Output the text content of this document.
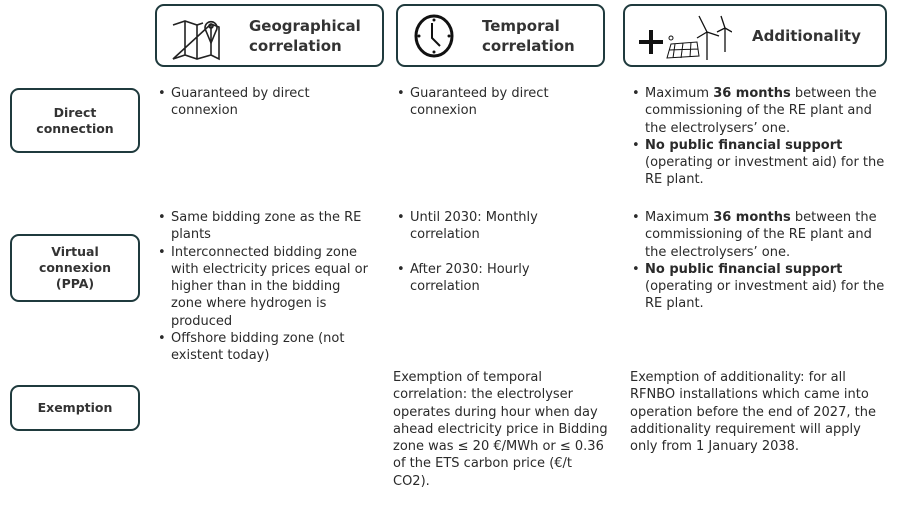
Geographical correlation
Temporal correlation
Additionality
Direct connection
Virtual connexion (PPA)
Exemption
• Guaranteed by direct connexion
• Guaranteed by direct connexion
• Maximum 36 months between the commissioning of the RE plant and the electrolysers’ one.
• No public financial support (operating or investment aid) for the RE plant.
• Same bidding zone as the RE plants
• Interconnected bidding zone with electricity prices equal or higher than in the bidding zone where hydrogen is produced
• Offshore bidding zone (not existent today)
• Until 2030: Monthly correlation
• After 2030: Hourly correlation
• Maximum 36 months between the commissioning of the RE plant and the electrolysers’ one.
• No public financial support (operating or investment aid) for the RE plant.
Exemption of temporal correlation: the electrolyser operates during hour when day ahead electricity price in Bidding zone was ≤ 20 €/MWh or ≤ 0.36 of the ETS carbon price (€/t CO2).
Exemption of additionality: for all RFNBO installations which came into operation before the end of 2027, the additionality requirement will apply only from 1 January 2038.
